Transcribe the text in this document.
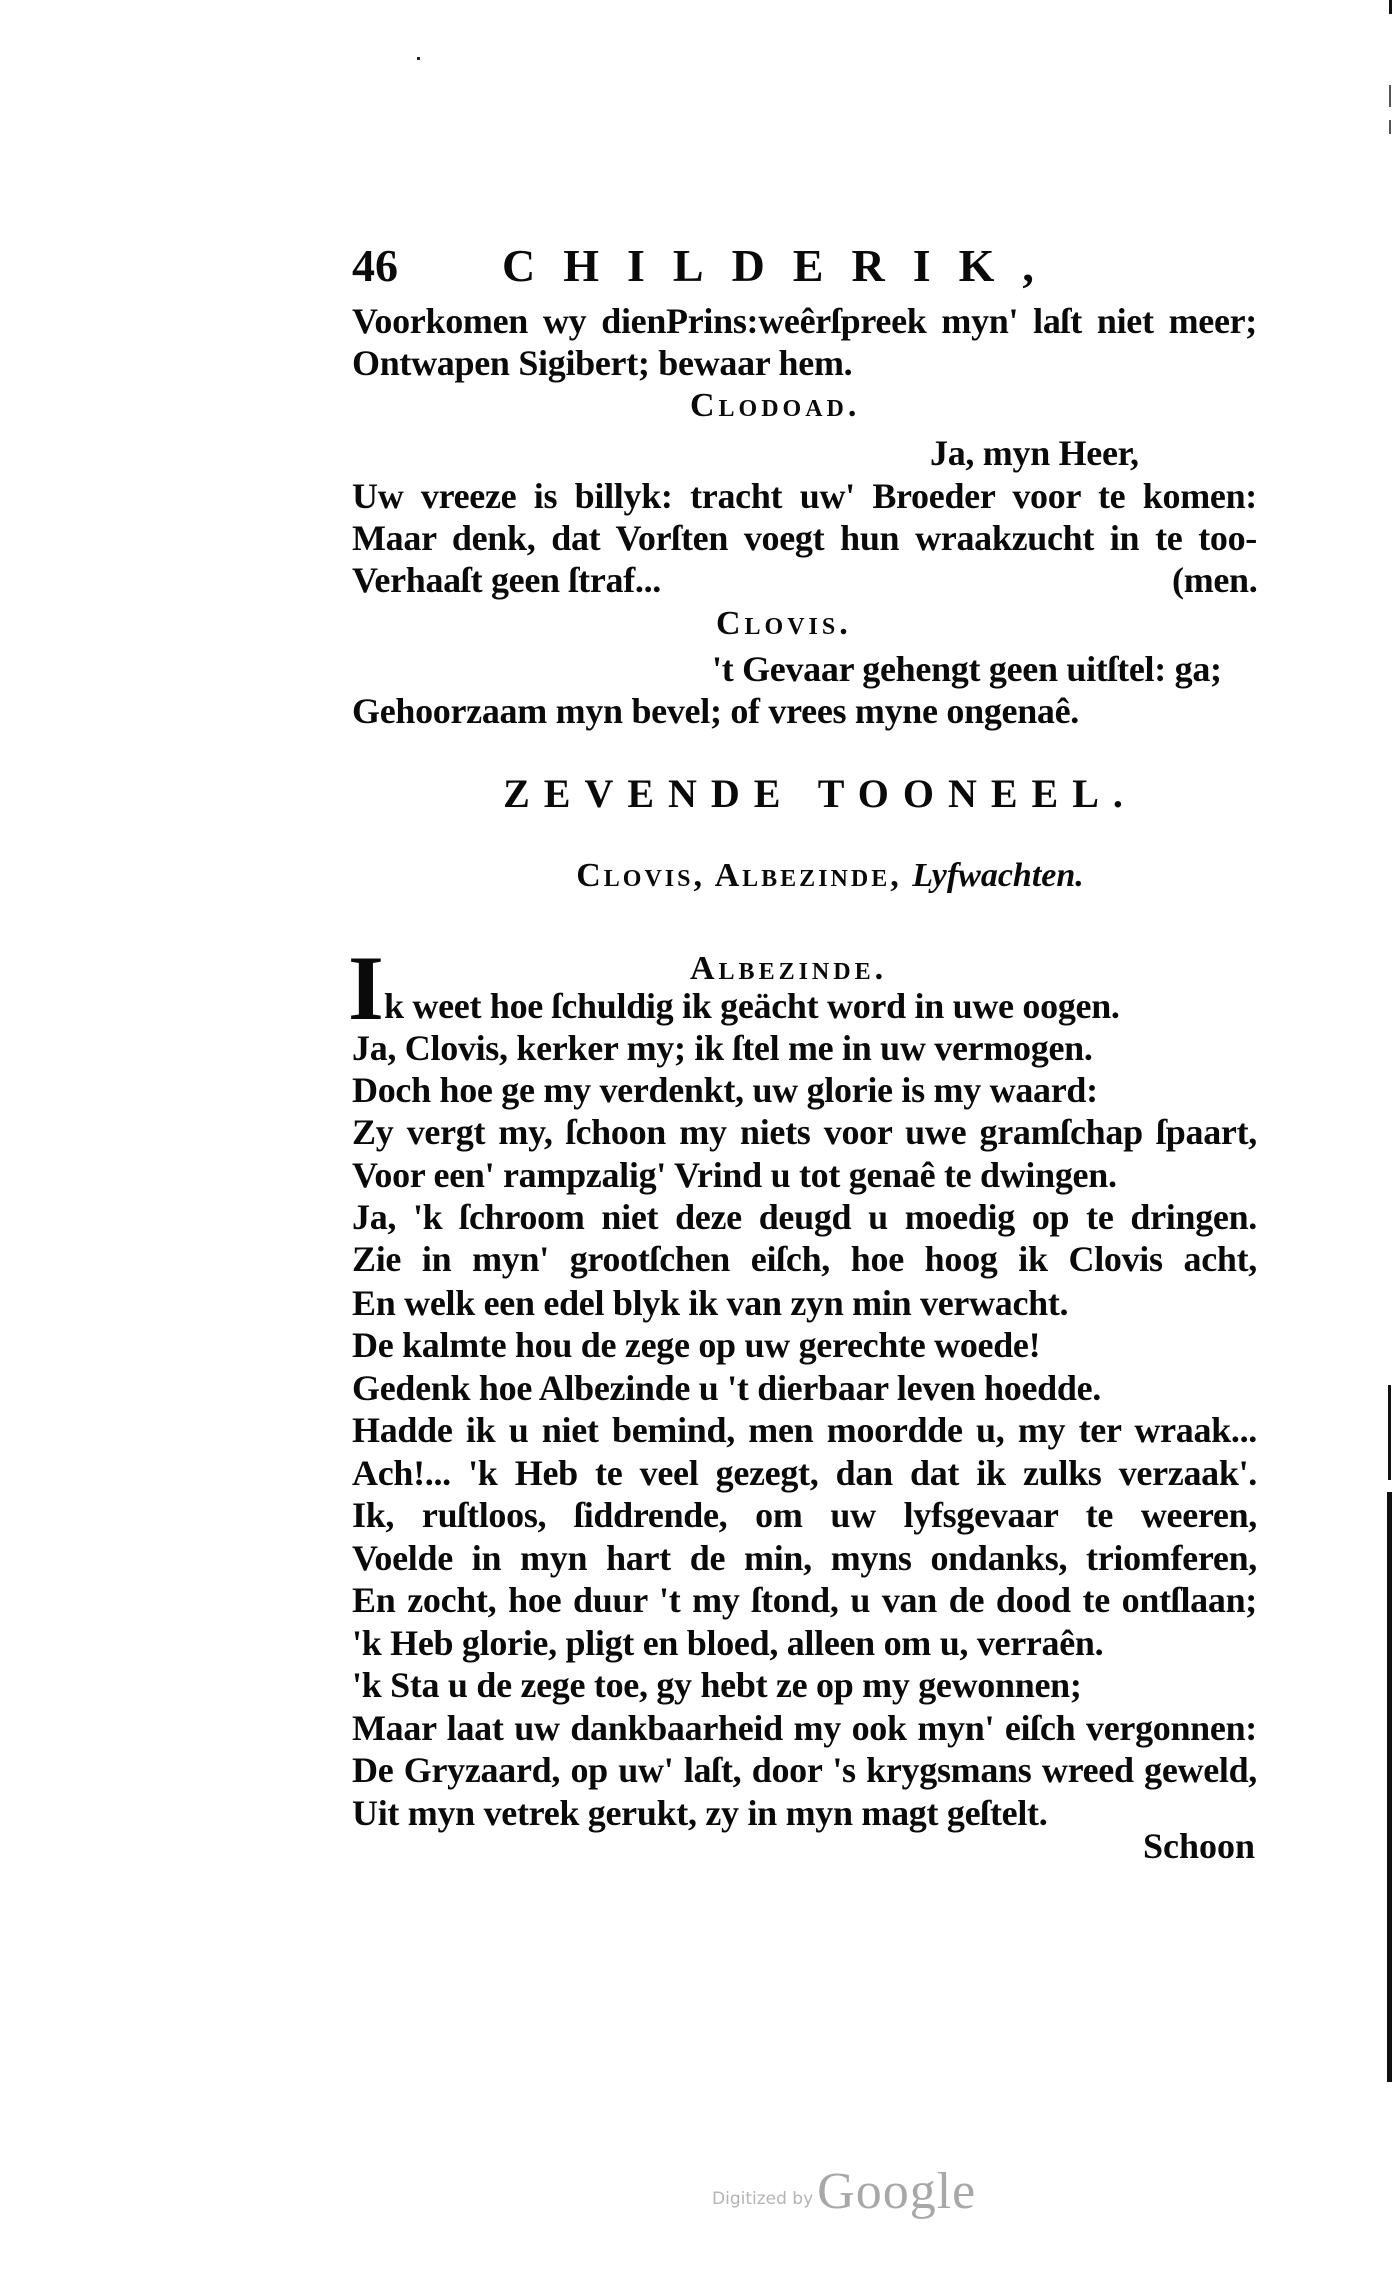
46 CHILDERIK,
Voorkomen wy dienPrins:weêrſpreek myn' laſt niet meer;
Ontwapen Sigibert; bewaar hem.
Clodoad.
Ja, myn Heer,
Uw vreeze is billyk: tracht uw' Broeder voor te komen:
Maar denk, dat Vorſten voegt hun wraakzucht in te too-
Verhaaſt geen ſtraf...	(men.
Clovis.
't Gevaar gehengt geen uitſtel: ga;
Gehoorzaam myn bevel; of vrees myne ongenaê.
ZEVENDE TOONEEL.
Clovis, Albezinde, Lyfwachten.
I	Albezinde.
k weet hoe ſchuldig ik geächt word in uwe oogen.
Ja, Clovis, kerker my; ik ſtel me in uw vermogen.
Doch hoe ge my verdenkt, uw glorie is my waard:
Zy vergt my, ſchoon my niets voor uwe gramſchap ſpaart,
Voor een' rampzalig' Vrind u tot genaê te dwingen.
Ja, 'k ſchroom niet deze deugd u moedig op te dringen.
Zie in myn' grootſchen eiſch, hoe hoog ik Clovis acht,
En welk een edel blyk ik van zyn min verwacht.
De kalmte hou de zege op uw gerechte woede!
Gedenk hoe Albezinde u 't dierbaar leven hoedde.
Hadde ik u niet bemind, men moordde u, my ter wraak...
Ach!... 'k Heb te veel gezegt, dan dat ik zulks verzaak'.
Ik, ruſtloos, ſiddrende, om uw lyfsgevaar te weeren,
Voelde in myn hart de min, myns ondanks, triomferen,
En zocht, hoe duur 't my ſtond, u van de dood te ontſlaan;
'k Heb glorie, pligt en bloed, alleen om u, verraên.
'k Sta u de zege toe, gy hebt ze op my gewonnen;
Maar laat uw dankbaarheid my ook myn' eiſch vergonnen:
De Gryzaard, op uw' laſt, door 's krygsmans wreed geweld,
Uit myn vetrek gerukt, zy in myn magt geſtelt.
Schoon
Digitized by Google
